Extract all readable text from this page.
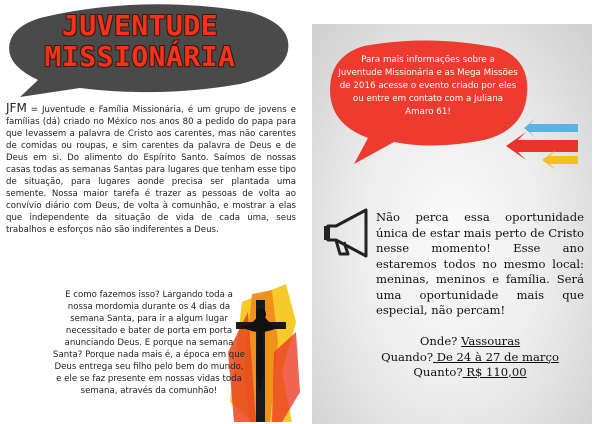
JUVENTUDE
MISSIONÁRIA

JFM = Juventude e Família Missionária, é um grupo de jovens e famílias (dá) criado no México nos anos 80 a pedido do papa para que levassem a palavra de Cristo aos carentes, mas não carentes de comidas ou roupas, e sim carentes da palavra de Deus e de Deus em si. Do alimento do Espírito Santo. Saímos de nossas casas todas as semanas Santas para lugares que tenham esse tipo de situação, para lugares aonde precisa ser plantada uma semente. Nossa maior tarefa é trazer as pessoas de volta ao convívio diário com Deus, de volta à comunhão, e mostrar a elas que independente da situação de vida de cada uma, seus trabalhos e esforços não são indiferentes a Deus.

E como fazemos isso? Largando toda a
nossa mordomia durante os 4 dias da
semana Santa, para ir a algum lugar
necessitado e bater de porta em porta
anunciando Deus. E porque na semana
Santa? Porque nada mais é, a época em que
Deus entrega seu filho pelo bem do mundo,
e ele se faz presente em nossas vidas toda
semana, através da comunhão!
Para mais informações sobre a Juventude Missionária e as Mega Missões de 2016 acesse o evento criado por eles ou entre em contato com a Juliana Amaro 61!
Não perca essa oportunidade única de estar mais perto de Cristo nesse momento! Esse ano estaremos todos no mesmo local: meninas, meninos e família. Será uma oportunidade mais que especial, não percam!
Onde? Vassouras
Quando? De 24 à 27 de março
Quanto? R$ 110,00
